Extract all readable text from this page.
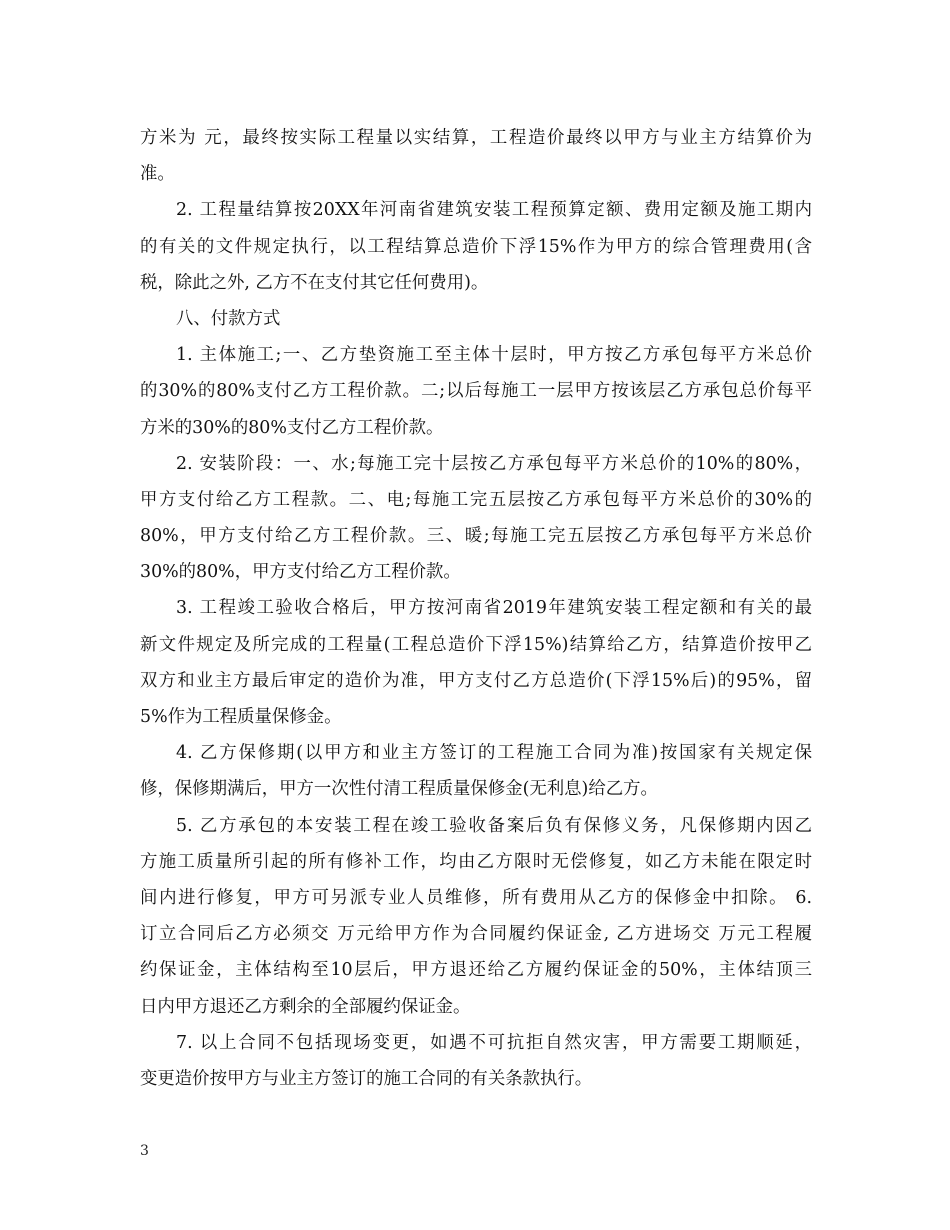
方米为 元，最终按实际工程量以实结算，工程造价最终以甲方与业主方结算价为
准。
2. 工程量结算按20XX年河南省建筑安装工程预算定额、费用定额及施工期内
的有关的文件规定执行，以工程结算总造价下浮15%作为甲方的综合管理费用(含
税，除此之外, 乙方不在支付其它任何费用)。
八、付款方式
1. 主体施工;一、乙方垫资施工至主体十层时，甲方按乙方承包每平方米总价
的30%的80%支付乙方工程价款。二;以后每施工一层甲方按该层乙方承包总价每平
方米的30%的80%支付乙方工程价款。
2. 安装阶段：一、水;每施工完十层按乙方承包每平方米总价的10%的80%，
甲方支付给乙方工程款。二、电;每施工完五层按乙方承包每平方米总价的30%的
80%，甲方支付给乙方工程价款。三、暖;每施工完五层按乙方承包每平方米总价
30%的80%，甲方支付给乙方工程价款。
3. 工程竣工验收合格后，甲方按河南省2019年建筑安装工程定额和有关的最
新文件规定及所完成的工程量(工程总造价下浮15%)结算给乙方，结算造价按甲乙
双方和业主方最后审定的造价为准，甲方支付乙方总造价(下浮15%后)的95%，留
5%作为工程质量保修金。
4. 乙方保修期(以甲方和业主方签订的工程施工合同为准)按国家有关规定保
修，保修期满后，甲方一次性付清工程质量保修金(无利息)给乙方。
5. 乙方承包的本安装工程在竣工验收备案后负有保修义务，凡保修期内因乙
方施工质量所引起的所有修补工作，均由乙方限时无偿修复，如乙方未能在限定时
间内进行修复，甲方可另派专业人员维修，所有费用从乙方的保修金中扣除。 6.
订立合同后乙方必须交 万元给甲方作为合同履约保证金, 乙方进场交 万元工程履
约保证金，主体结构至10层后，甲方退还给乙方履约保证金的50%，主体结顶三
日内甲方退还乙方剩余的全部履约保证金。
7. 以上合同不包括现场变更，如遇不可抗拒自然灾害，甲方需要工期顺延，
变更造价按甲方与业主方签订的施工合同的有关条款执行。
3
